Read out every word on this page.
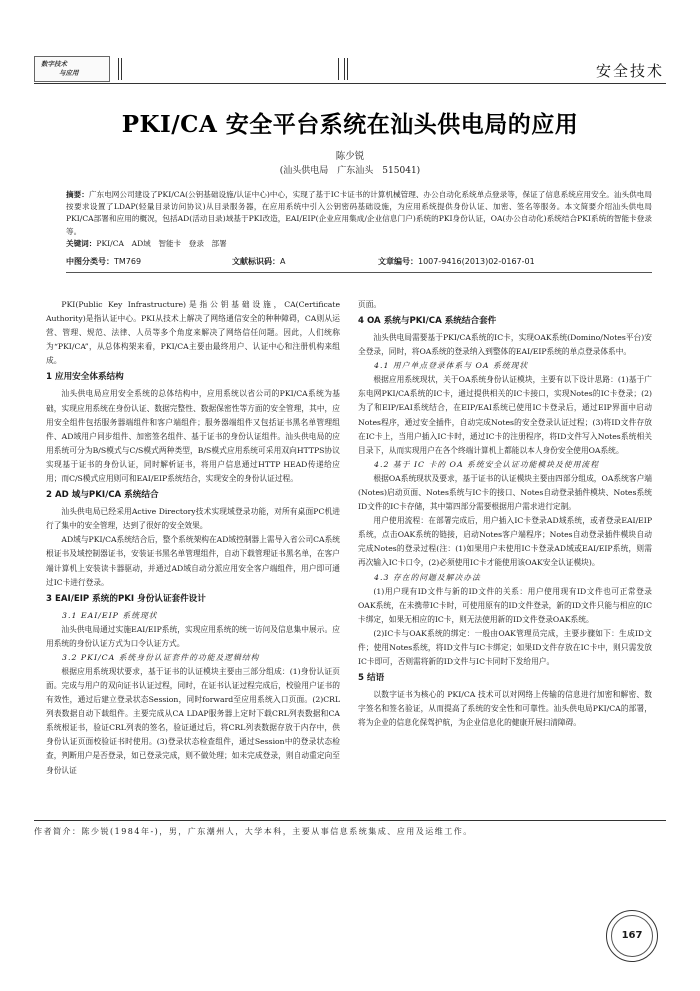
数字技术
与应用	安全技术
PKI/CA 安全平台系统在汕头供电局的应用
陈少锐
(汕头供电局　广东汕头　515041)
摘要：广东电网公司建设了PKI/CA(公钥基础设施/认证中心)中心，实现了基于IC卡证书的计算机械管理、办公自动化系统单点登录等，保证了信息系统应用安全。汕头供电局按要求设置了LDAP(轻量目录访问协议)从目录服务器，在应用系统中引入公钥密码基础设施，为应用系统提供身份认证、加密、签名等服务。本文简要介绍汕头供电局PKI/CA部署和应用的概况，包括AD(活动目录)域基于PKI改造，EAI/EIP(企业应用集成/企业信息门户)系统的PKI身份认证，OA(办公自动化)系统结合PKI系统的智能卡登录等。
关键词：PKI/CA　AD域　智能卡　登录　部署
中图分类号：TM769	文献标识码：A	文章编号：1007-9416(2013)02-0167-01

PKI(Public Key Infrastructure)是指公钥基础设施，CA(Certificate Authority)是指认证中心。PKI从技术上解决了网络通信安全的种种障碍，CA则从运营、管理、规范、法律、人员等多个角度来解决了网络信任问题。因此，人们统称为“PKI/CA”，从总体构架来看，PKI/CA主要由最终用户、认证中心和注册机构来组成。

1 应用安全体系结构

汕头供电局应用安全系统的总体结构中，应用系统以省公司的PKI/CA系统为基础，实现应用系统在身份认证、数据完整性、数据保密性等方面的安全管理，其中，应用安全组件包括服务器端组件和客户端组件；服务器端组件又包括证书黑名单管理组件、AD域用户同步组件、加密签名组件、基于证书的身份认证组件。汕头供电局的应用系统可分为B/S模式与C/S模式两种类型，B/S模式应用系统可采用双向HTTPS协议实现基于证书的身份认证，同时解析证书，将用户信息通过HTTP HEAD传递给应用；而C/S模式应用则可和EAI/EIP系统结合，实现安全的身份认证过程。

2 AD 域与PKI/CA 系统结合

汕头供电局已经采用Active Directory技术实现域登录功能，对所有桌面PC机进行了集中的安全管理，达到了很好的安全效果。

AD域与PKI/CA系统结合后，整个系统架构在AD域控制器上需导入省公司CA系统根证书及域控制器证书，安装证书黑名单管理组件，自动下载管理证书黑名单，在客户端计算机上安装读卡器驱动，并通过AD域自动分派应用安全客户端组件，用户即可通过IC卡进行登录。

3 EAI/EIP 系统的PKI 身份认证套件设计
3.1 EAI/EIP 系统现状

汕头供电局通过实施EAI/EIP系统，实现应用系统的统一访问及信息集中展示。应用系统的身份认证方式为口令认证方式。

3.2 PKI/CA 系统身份认证套件的功能及逻辑结构

根据应用系统现状要求，基于证书的认证模块主要由三部分组成：(1)身份认证页面。完成与用户的双向证书认证过程，同时，在证书认证过程完成后，校验用户证书的有效性，通过后建立登录状态Session，同时forward至应用系统入口页面。(2)CRL列表数据自动下载组件。主要完成从CA LDAP服务器上定时下载CRL列表数据和CA系统根证书，验证CRL列表的签名，验证通过后，将CRL列表数据存放于内存中，供身份认证页面校验证书时使用。(3)登录状态检查组件，通过Session中的登录状态检查，判断用户是否登录，如已登录完成，则不做处理；如未完成登录，则自动重定向至身份认证

页面。

4 OA 系统与PKI/CA 系统结合套件

汕头供电局需要基于PKI/CA系统的IC卡，实现OAK系统(Domino/Notes平台)安全登录，同时，将OA系统的登录纳入到整体的EAI/EIP系统的单点登录体系中。

4.1 用户单点登录体系与 OA 系统现状

根据应用系统现状，关于OA系统身份认证模块，主要有以下设计思路：(1)基于广东电网PKI/CA系统的IC卡，通过提供相关的IC卡接口，实现Notes的IC卡登录；(2)为了和EIP/EAI系统结合，在EIP/EAI系统已使用IC卡登录后，通过EIP界面中启动Notes程序，通过安全插件，自动完成Notes的安全登录认证过程；(3)将ID文件存放在IC卡上，当用户插入IC卡时，通过IC卡的注册程序，将ID文件写入Notes系统相关目录下，从而实现用户在各个终端计算机上都能以本人身份安全使用OA系统。

4.2 基于 IC 卡的 OA 系统安全认证功能模块及使用流程

根据OA系统现状及要求，基于证书的认证模块主要由四部分组成，OA系统客户端(Notes)启动页面、Notes系统与IC卡的接口、Notes自动登录插件模块、Notes系统ID文件的IC卡存储，其中第四部分需要根据用户需求进行定制。

用户使用流程：在部署完成后，用户插入IC卡登录AD域系统，或者登录EAI/EIP系统，点击OAK系统的链接，启动Notes客户端程序；Notes自动登录插件模块自动完成Notes的登录过程(注：(1)如果用户未使用IC卡登录AD域或EAI/EIP系统，则需再次输入IC卡口令，(2)必须使用IC卡才能使用该OAK安全认证模块)。

4.3 存在的问题及解决办法

(1)用户现有ID文件与新的ID文件的关系：用户使用现有ID文件也可正常登录OAK系统，在未携带IC卡时，可使用原有的ID文件登录，新的ID文件只能与相应的IC卡绑定，如果无相应的IC卡，则无法使用新的ID文件登录OAK系统。

(2)IC卡与OAK系统的绑定：一般由OAK管理员完成，主要步骤如下：生成ID文件；使用Notes系统，将ID文件与IC卡绑定；如果ID文件存放在IC卡中，则只需发放IC卡即可，否则需将新的ID文件与IC卡同时下发给用户。

5 结语

以数字证书为核心的 PKI/CA 技术可以对网络上传输的信息进行加密和解密、数字签名和签名验证，从而提高了系统的安全性和可靠性。汕头供电局PKI/CA的部署，将为企业的信息化保驾护航，为企业信息化的健康开展扫清障碍。

作者简介：陈少锐(1984年-)，男，广东潮州人，大学本科，主要从事信息系统集成、应用及运维工作。
167
